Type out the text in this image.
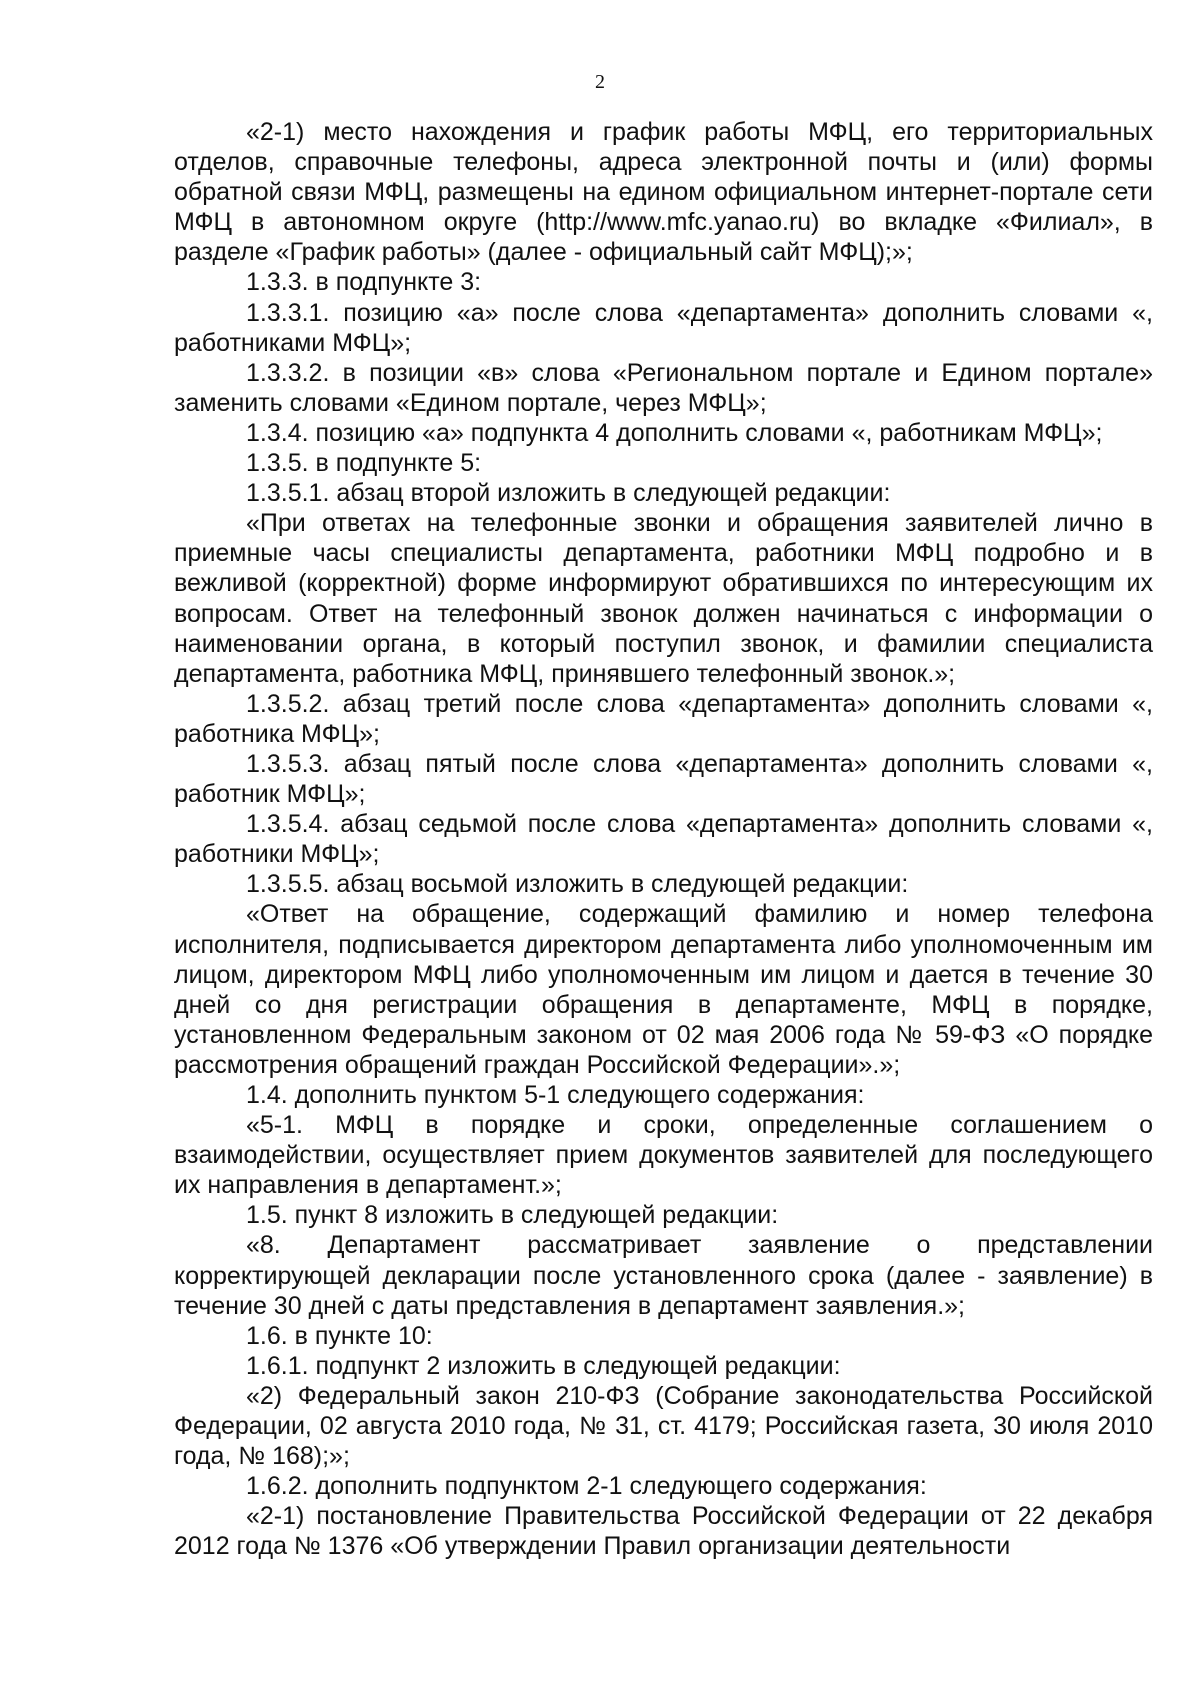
2

«2-1) место нахождения и график работы МФЦ, его территориальных отделов, справочные телефоны, адреса электронной почты и (или) формы обратной связи МФЦ, размещены на едином официальном интернет-портале сети МФЦ в автономном округе (http://www.mfc.yanao.ru) во вкладке «Филиал», в разделе «График работы» (далее - официальный сайт МФЦ);»;

1.3.3. в подпункте 3:

1.3.3.1. позицию «а» после слова «департамента» дополнить словами «, работниками МФЦ»;

1.3.3.2. в позиции «в» слова «Региональном портале и Едином портале» заменить словами «Едином портале, через МФЦ»;

1.3.4. позицию «а» подпункта 4 дополнить словами «, работникам МФЦ»;

1.3.5. в подпункте 5:

1.3.5.1. абзац второй изложить в следующей редакции:

«При ответах на телефонные звонки и обращения заявителей лично в приемные часы специалисты департамента, работники МФЦ подробно и в вежливой (корректной) форме информируют обратившихся по интересующим их вопросам. Ответ на телефонный звонок должен начинаться с информации о наименовании органа, в который поступил звонок, и фамилии специалиста департамента, работника МФЦ, принявшего телефонный звонок.»;

1.3.5.2. абзац третий после слова «департамента» дополнить словами «, работника МФЦ»;

1.3.5.3. абзац пятый после слова «департамента» дополнить словами «, работник МФЦ»;

1.3.5.4. абзац седьмой после слова «департамента» дополнить словами «, работники МФЦ»;

1.3.5.5. абзац восьмой изложить в следующей редакции:

«Ответ на обращение, содержащий фамилию и номер телефона исполнителя, подписывается директором департамента либо уполномоченным им лицом, директором МФЦ либо уполномоченным им лицом и дается в течение 30 дней со дня регистрации обращения в департаменте, МФЦ в порядке, установленном Федеральным законом от 02 мая 2006 года № 59-ФЗ «О порядке рассмотрения обращений граждан Российской Федерации».»;

1.4. дополнить пунктом 5-1 следующего содержания:

«5-1. МФЦ в порядке и сроки, определенные соглашением о взаимодействии, осуществляет прием документов заявителей для последующего их направления в департамент.»;

1.5. пункт 8 изложить в следующей редакции:

«8. Департамент рассматривает заявление о представлении корректирующей декларации после установленного срока (далее - заявление) в течение 30 дней с даты представления в департамент заявления.»;

1.6. в пункте 10:

1.6.1. подпункт 2 изложить в следующей редакции:

«2) Федеральный закон 210-ФЗ (Собрание законодательства Российской Федерации, 02 августа 2010 года, № 31, ст. 4179; Российская газета, 30 июля 2010 года, № 168);»;

1.6.2. дополнить подпунктом 2-1 следующего содержания:

«2-1) постановление Правительства Российской Федерации от 22 декабря 2012 года № 1376 «Об утверждении Правил организации деятельности
